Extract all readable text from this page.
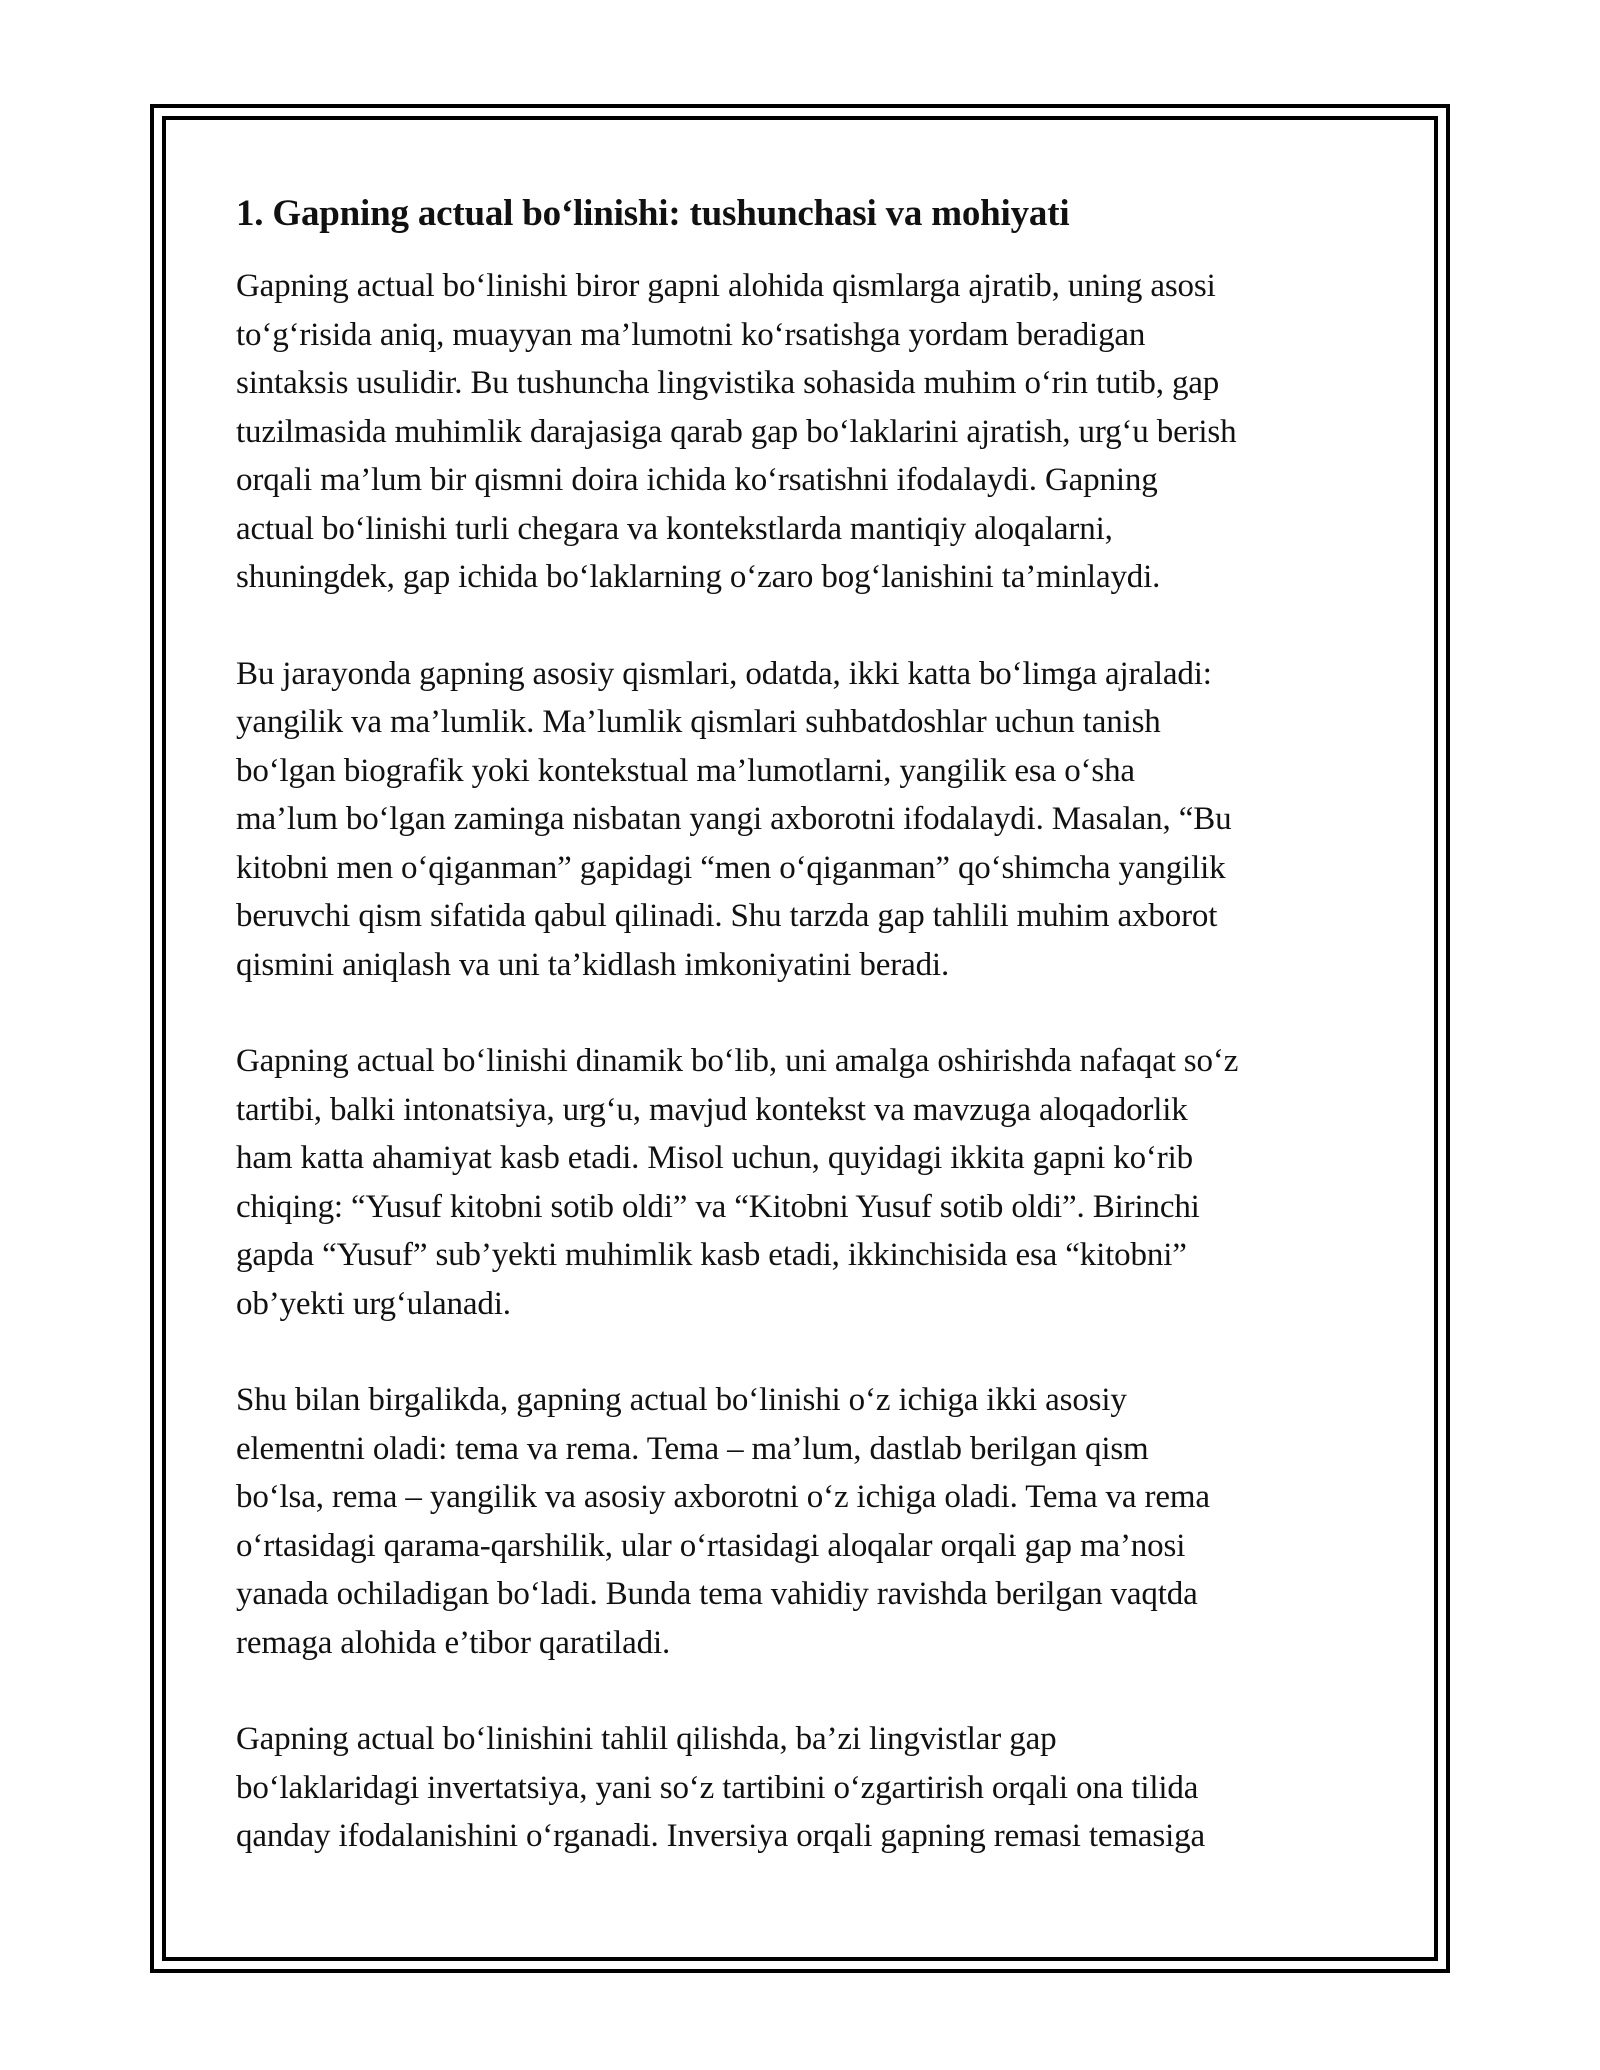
1. Gapning actual bo‘linishi: tushunchasi va mohiyati

Gapning actual bo‘linishi biror gapni alohida qismlarga ajratib, uning asosi
to‘g‘risida aniq, muayyan ma’lumotni ko‘rsatishga yordam beradigan
sintaksis usulidir. Bu tushuncha lingvistika sohasida muhim o‘rin tutib, gap
tuzilmasida muhimlik darajasiga qarab gap bo‘laklarini ajratish, urg‘u berish
orqali ma’lum bir qismni doira ichida ko‘rsatishni ifodalaydi. Gapning
actual bo‘linishi turli chegara va kontekstlarda mantiqiy aloqalarni,
shuningdek, gap ichida bo‘laklarning o‘zaro bog‘lanishini ta’minlaydi.

Bu jarayonda gapning asosiy qismlari, odatda, ikki katta bo‘limga ajraladi:
yangilik va ma’lumlik. Ma’lumlik qismlari suhbatdoshlar uchun tanish
bo‘lgan biografik yoki kontekstual ma’lumotlarni, yangilik esa o‘sha
ma’lum bo‘lgan zaminga nisbatan yangi axborotni ifodalaydi. Masalan, “Bu
kitobni men o‘qiganman” gapidagi “men o‘qiganman” qo‘shimcha yangilik
beruvchi qism sifatida qabul qilinadi. Shu tarzda gap tahlili muhim axborot
qismini aniqlash va uni ta’kidlash imkoniyatini beradi.

Gapning actual bo‘linishi dinamik bo‘lib, uni amalga oshirishda nafaqat so‘z
tartibi, balki intonatsiya, urg‘u, mavjud kontekst va mavzuga aloqadorlik
ham katta ahamiyat kasb etadi. Misol uchun, quyidagi ikkita gapni ko‘rib
chiqing: “Yusuf kitobni sotib oldi” va “Kitobni Yusuf sotib oldi”. Birinchi
gapda “Yusuf” sub’yekti muhimlik kasb etadi, ikkinchisida esa “kitobni”
ob’yekti urg‘ulanadi.

Shu bilan birgalikda, gapning actual bo‘linishi o‘z ichiga ikki asosiy
elementni oladi: tema va rema. Tema – ma’lum, dastlab berilgan qism
bo‘lsa, rema – yangilik va asosiy axborotni o‘z ichiga oladi. Tema va rema
o‘rtasidagi qarama-qarshilik, ular o‘rtasidagi aloqalar orqali gap ma’nosi
yanada ochiladigan bo‘ladi. Bunda tema vahidiy ravishda berilgan vaqtda
remaga alohida e’tibor qaratiladi.

Gapning actual bo‘linishini tahlil qilishda, ba’zi lingvistlar gap
bo‘laklaridagi invertatsiya, yani so‘z tartibini o‘zgartirish orqali ona tilida
qanday ifodalanishini o‘rganadi. Inversiya orqali gapning remasi temasiga
